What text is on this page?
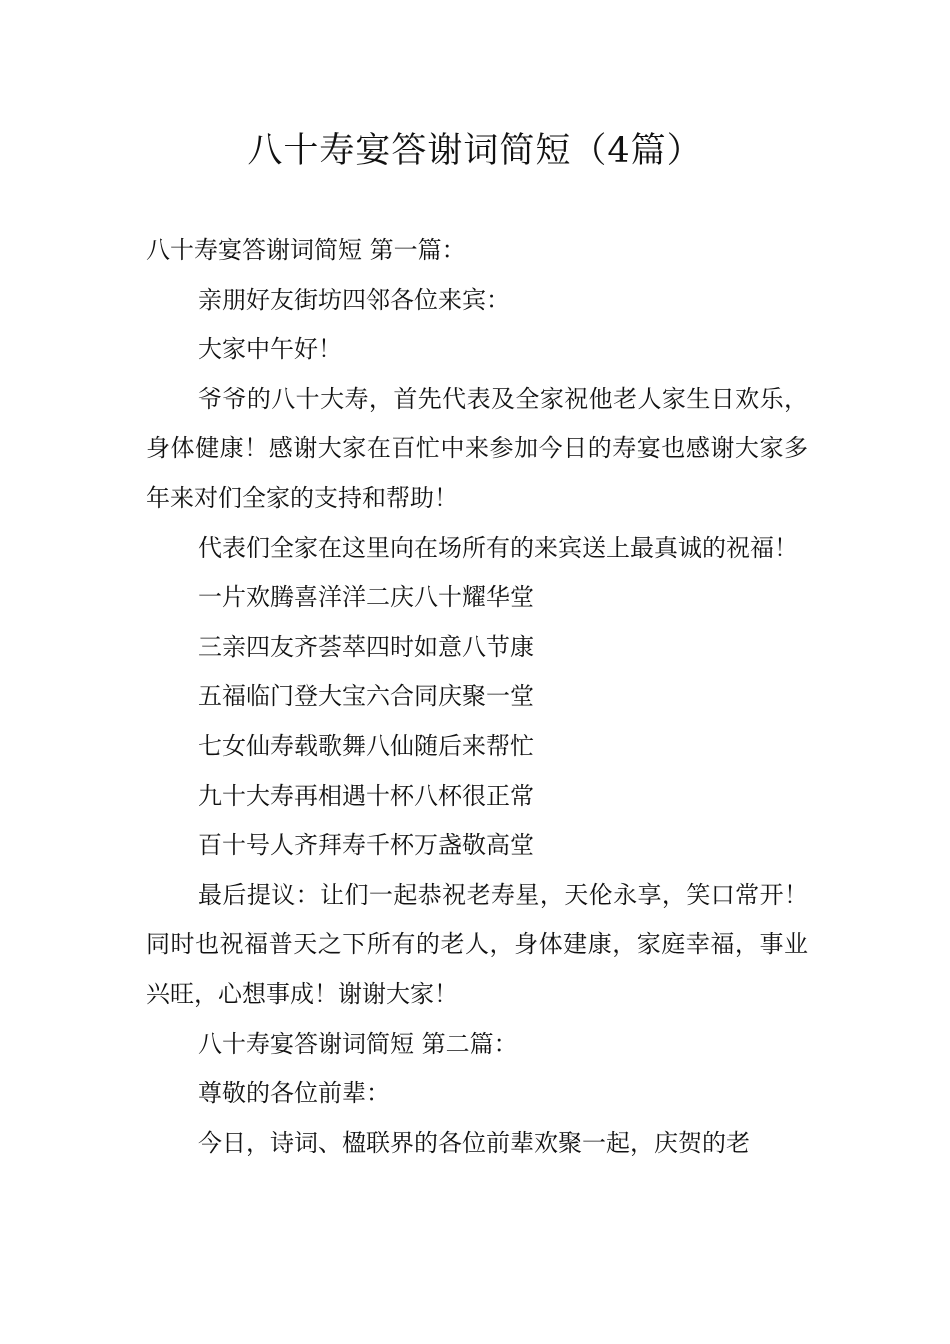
八十寿宴答谢词简短（4篇）

八十寿宴答谢词简短 第一篇：

亲朋好友街坊四邻各位来宾：

大家中午好！

爷爷的八十大寿，首先代表及全家祝他老人家生日欢乐，身体健康！感谢大家在百忙中来参加今日的寿宴也感谢大家多年来对们全家的支持和帮助！

代表们全家在这里向在场所有的来宾送上最真诚的祝福！

一片欢腾喜洋洋二庆八十耀华堂

三亲四友齐荟萃四时如意八节康

五福临门登大宝六合同庆聚一堂

七女仙寿载歌舞八仙随后来帮忙

九十大寿再相遇十杯八杯很正常

百十号人齐拜寿千杯万盏敬高堂

最后提议：让们一起恭祝老寿星，天伦永享，笑口常开！同时也祝福普天之下所有的老人，身体建康，家庭幸福，事业兴旺，心想事成！谢谢大家！

八十寿宴答谢词简短 第二篇：

尊敬的各位前辈：

今日，诗词、楹联界的各位前辈欢聚一起，庆贺的老
